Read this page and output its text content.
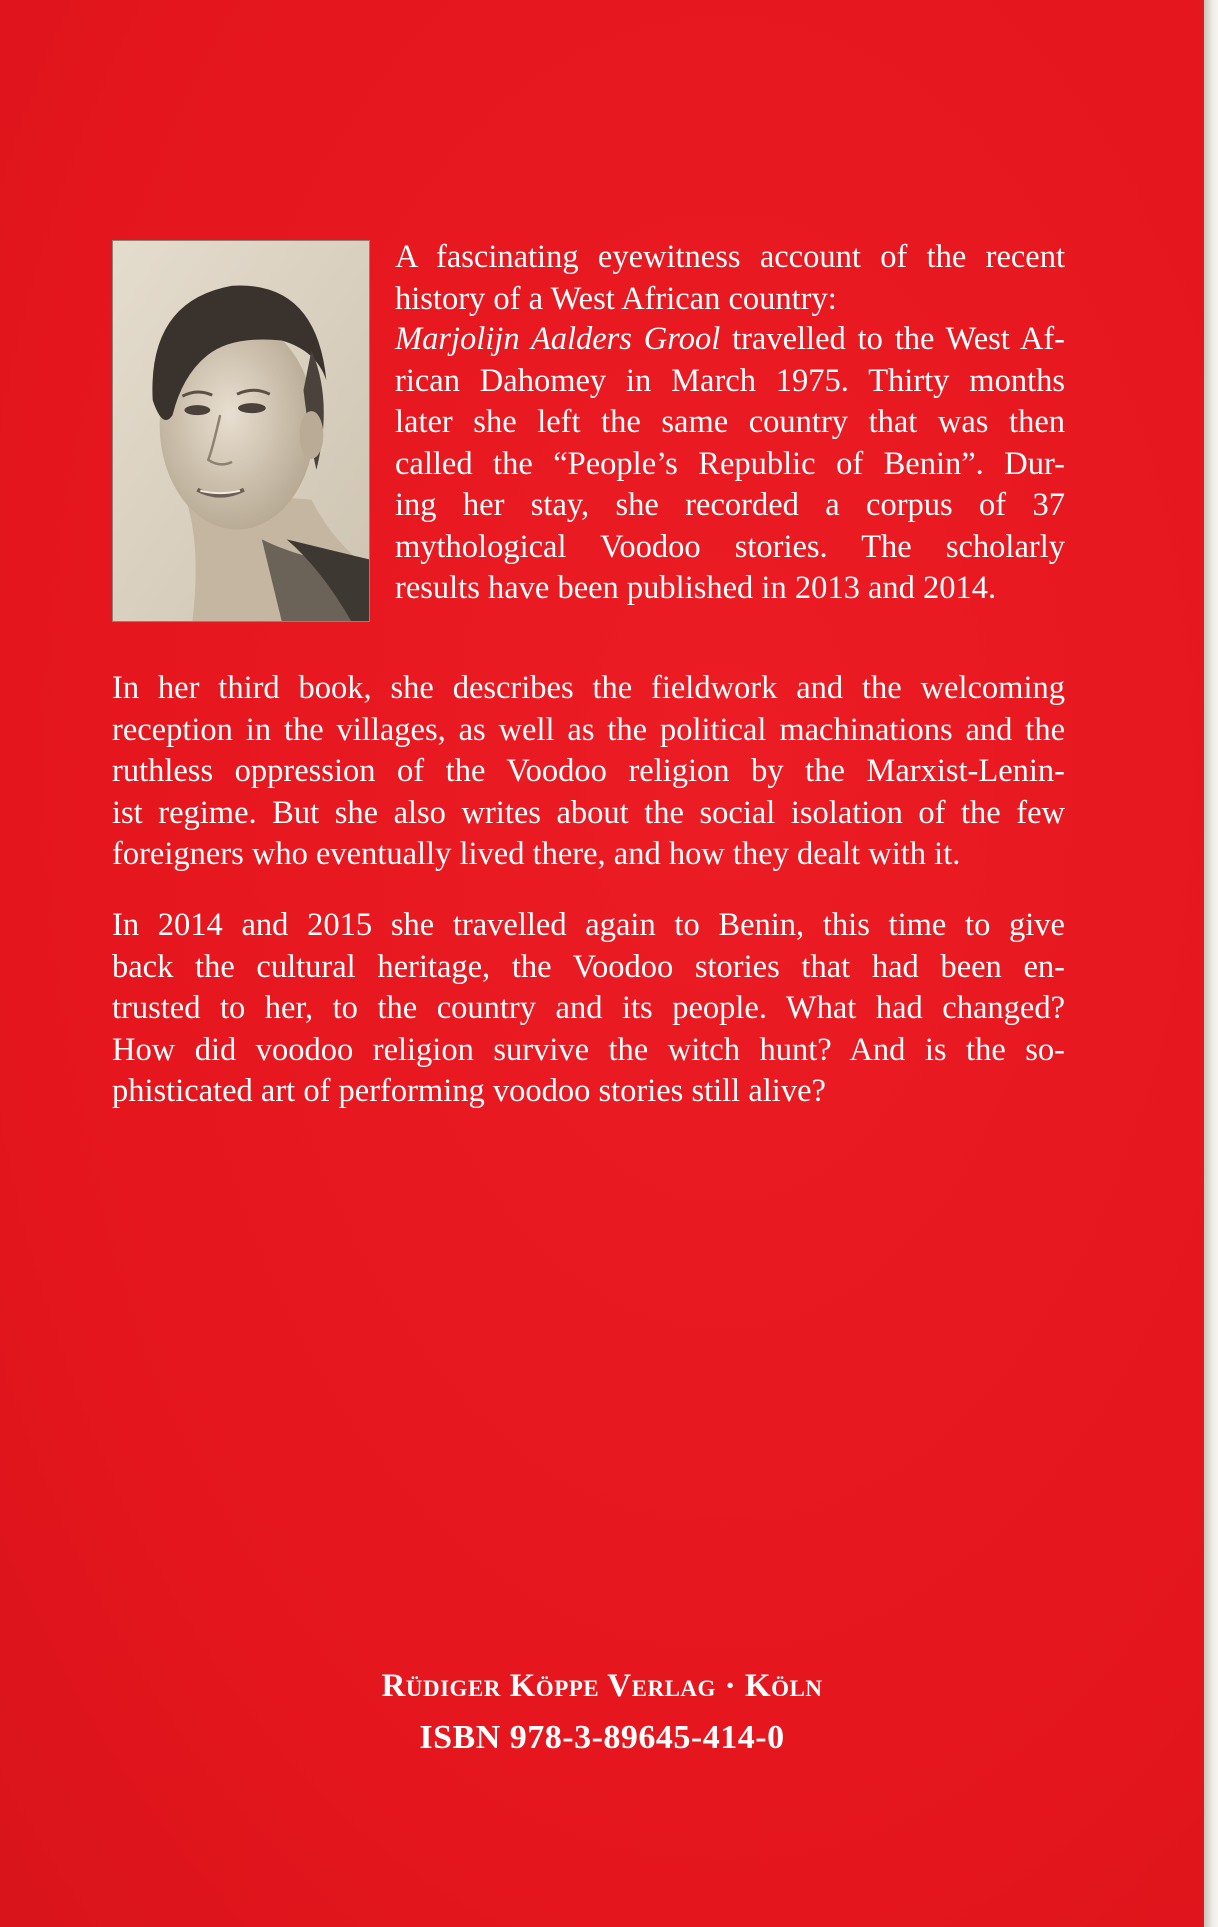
A fascinating eyewitness account of the recent
history of a West African country:

Marjolijn Aalders Grool travelled to the West Af-
rican Dahomey in March 1975. Thirty months
later she left the same country that was then
called the “People’s Republic of Benin”. Dur-
ing her stay, she recorded a corpus of 37
mythological Voodoo stories. The scholarly
results have been published in 2013 and 2014.

In her third book, she describes the fieldwork and the welcoming
reception in the villages, as well as the political machinations and the
ruthless oppression of the Voodoo religion by the Marxist-Lenin-
ist regime. But she also writes about the social isolation of the few
foreigners who eventually lived there, and how they dealt with it.

In 2014 and 2015 she travelled again to Benin, this time to give
back the cultural heritage, the Voodoo stories that had been en-
trusted to her, to the country and its people. What had changed?
How did voodoo religion survive the witch hunt? And is the so-
phisticated art of performing voodoo stories still alive?

Rüdiger Köppe Verlag · Köln
ISBN 978-3-89645-414-0
